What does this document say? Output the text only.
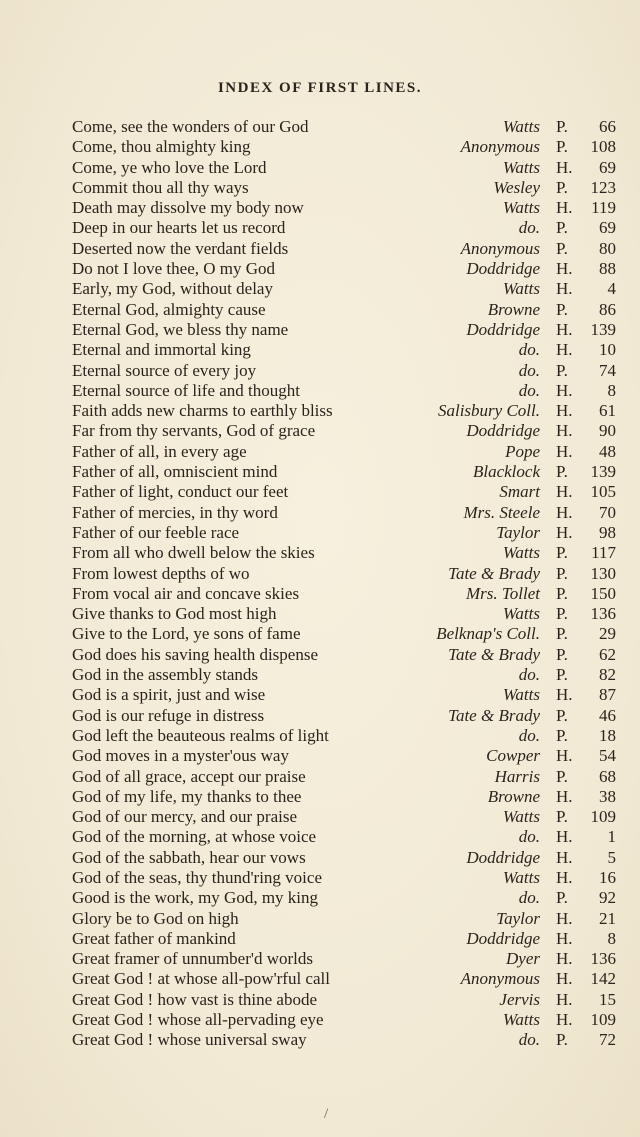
INDEX OF FIRST LINES.
Come, see the wonders of our God	Watts P.	66
Come, thou almighty king	Anonymous P.	108
Come, ye who love the Lord	Watts H.	69
Commit thou all thy ways	Wesley P.	123
Death may dissolve my body now	Watts H.	119
Deep in our hearts let us record	do. P.	69
Deserted now the verdant fields	Anonymous P.	80
Do not I love thee, O my God	Doddridge H.	88
Early, my God, without delay	Watts H.	4
Eternal God, almighty cause	Browne P.	86
Eternal God, we bless thy name	Doddridge H.	139
Eternal and immortal king	do. H.	10
Eternal source of every joy	do. P.	74
Eternal source of life and thought	do. H.	8
Faith adds new charms to earthly bliss	Salisbury Coll. H.	61
Far from thy servants, God of grace	Doddridge H.	90
Father of all, in every age	Pope H.	48
Father of all, omniscient mind	Blacklock P.	139
Father of light, conduct our feet	Smart H.	105
Father of mercies, in thy word	Mrs. Steele H.	70
Father of our feeble race	Taylor H.	98
From all who dwell below the skies	Watts P.	117
From lowest depths of wo	Tate & Brady P.	130
From vocal air and concave skies	Mrs. Tollet P.	150
Give thanks to God most high	Watts P.	136
Give to the Lord, ye sons of fame	Belknap's Coll. P.	29
God does his saving health dispense	Tate & Brady P.	62
God in the assembly stands	do. P.	82
God is a spirit, just and wise	Watts H.	87
God is our refuge in distress	Tate & Brady P.	46
God left the beauteous realms of light	do. P.	18
God moves in a myster'ous way	Cowper H.	54
God of all grace, accept our praise	Harris P.	68
God of my life, my thanks to thee	Browne H.	38
God of our mercy, and our praise	Watts P.	109
God of the morning, at whose voice	do. H.	1
God of the sabbath, hear our vows	Doddridge H.	5
God of the seas, thy thund'ring voice	Watts H.	16
Good is the work, my God, my king	do. P.	92
Glory be to God on high	Taylor H.	21
Great father of mankind	Doddridge H.	8
Great framer of unnumber'd worlds	Dyer H.	136
Great God ! at whose all-pow'rful call	Anonymous H.	142
Great God ! how vast is thine abode	Jervis H.	15
Great God ! whose all-pervading eye	Watts H.	109
Great God ! whose universal sway	do. P.	72
/
